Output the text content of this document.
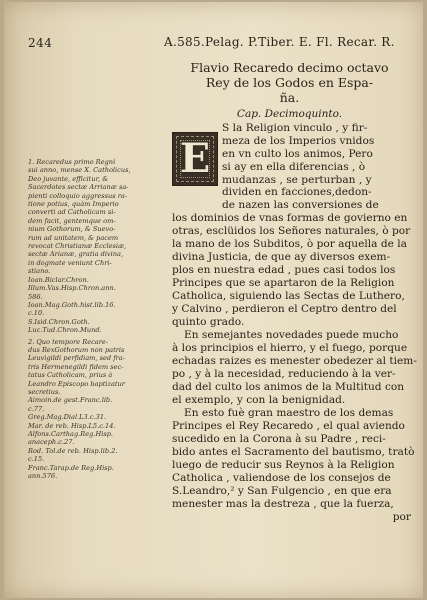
244	A.585.Pelag. P.Tiber. E. Fl. Recar. R.
Flavio Recaredo decimo octavo
Rey de los Godos en Espa-
ña.
Cap. Decimoquinto.
E
S la Religion vinculo , y fir-
meza de los Imperios vnidos
en vn culto los animos, Pero
si ay en ella diferencias , ò
mudanzas , se perturban , y
dividen en facciones,dedon-
de nazen las conversiones de
los dominios de vnas formas de govierno en
otras, esclüidos los Señores naturales, ò por
la mano de los Subditos, ò por aquella de la
divina Justicia, de que ay diversos exem-
plos en nuestra edad , pues casi todos los
Principes que se apartaron de la Religion
Catholica, siguiendo las Sectas de Luthero,
y Calvino , perdieron el Ceptro dentro del
quinto grado.
En semejantes novedades puede mucho
à los principios el hierro, y el fuego, porque
echadas raizes es menester obedezer al tiem-
po , y à la necesidad, reduciendo à la ver-
dad del culto los animos de la Multitud con
el exemplo, y con la benignidad.
En esto fuè gran maestro de los demas
Principes el Rey Recaredo , el qual aviendo
sucedido en la Corona à su Padre , reci-
bido antes el Sacramento del bautismo, tratò
luego de reducir sus Reynos à la Religion
Catholica , valiendose de los consejos de
S.Leandro,² y San Fulgencio , en que era
menester mas la destreza , que la fuerza,
por
1. Recaredus primo Regnì
sui anno, mense X. Catholicus,
Deo juvante, efficitur, &
Sacerdotes sectæ Arrianæ sa-
pienti colloquio aggressus ra-
tione potius, quàm Imperio
converti ad Catholicam si-
dem facit, gentemque om-
nium Gothorum, & Suevo-
rum ad unitatem, & pacem
revocat Christianæ Ecclesiæ,
sectæ Arianæ, gratia divina,
in dogmate veniunt Chri-
stiano.
Ioan.Biclar.Chron.
Illum.Vas.Hisp.Chron.ann.
586.
Ioan.Mag.Goth.hist.lib.16.
c.10.
S.Isid.Chron.Goth.
Luc.Tud.Chron.Mund.
2. Quo tempore Recare-
dus RexGothorum non patris
Leuvigildi perfidiam, sed fra-
tris Hermenegildi fidem sec-
tatus Catholicam, prius à
Leandro Episcopo baptizatur
secretius.
Aimoin.de gest.Franc.lib.
c.77.
Greg.Mag.Dial.L3.c.31.
Mar. de reb. Hisp.L5.c.14.
Alfons.Carthag.Reg.Hisp.
anaceph.c.27.
Rod. Tol.de reb. Hisp.lib.2.
c.15.
Franc.Tarap.de Reg.Hisp.
ann.576.
